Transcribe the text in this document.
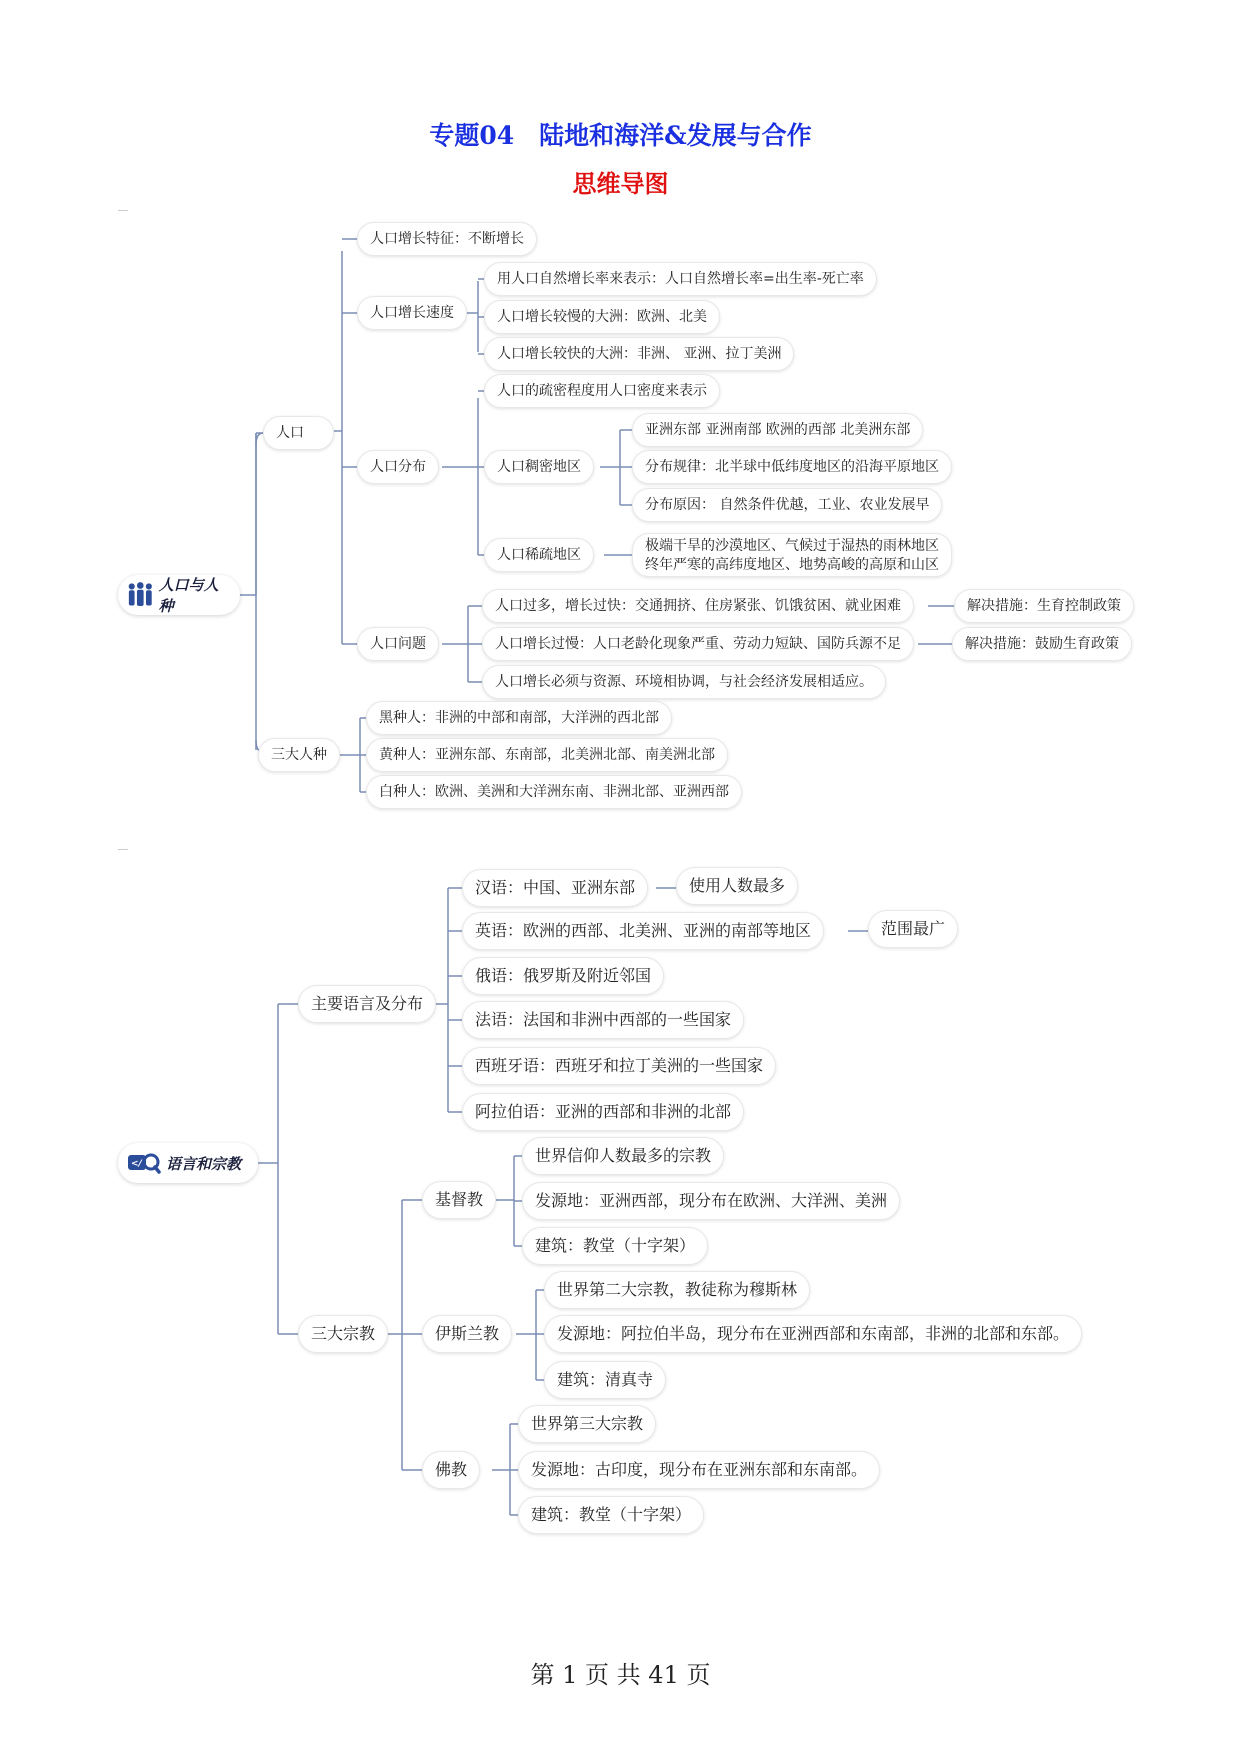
专题04　陆地和海洋&发展与合作
思维导图
人口与人种
人口
人口增长特征：不断增长
人口增长速度
用人口自然增长率来表示：人口自然增长率=出生率-死亡率
人口增长较慢的大洲：欧洲、北美
人口增长较快的大洲：非洲、 亚洲、拉丁美洲
人口分布
人口的疏密程度用人口密度来表示
人口稠密地区
亚洲东部 亚洲南部 欧洲的西部 北美洲东部
分布规律：北半球中低纬度地区的沿海平原地区
分布原因： 自然条件优越，工业、农业发展早
人口稀疏地区
极端干旱的沙漠地区、气候过于湿热的雨林地区
终年严寒的高纬度地区、地势高峻的高原和山区
人口问题
人口过多，增长过快：交通拥挤、住房紧张、饥饿贫困、就业困难	解决措施：生育控制政策
人口增长过慢：人口老龄化现象严重、劳动力短缺、国防兵源不足	解决措施：鼓励生育政策
人口增长必须与资源、环境相协调，与社会经济发展相适应。
三大人种
黑种人：非洲的中部和南部，大洋洲的西北部
黄种人：亚洲东部、东南部，北美洲北部、南美洲北部
白种人：欧洲、美洲和大洋洲东南、非洲北部、亚洲西部
</ 语言和宗教
主要语言及分布
汉语：中国、亚洲东部	使用人数最多
英语：欧洲的西部、北美洲、亚洲的南部等地区	范围最广
俄语：俄罗斯及附近邻国
法语：法国和非洲中西部的一些国家
西班牙语：西班牙和拉丁美洲的一些国家
阿拉伯语：亚洲的西部和非洲的北部
三大宗教
基督教
世界信仰人数最多的宗教
发源地：亚洲西部，现分布在欧洲、大洋洲、美洲
建筑：教堂（十字架）
伊斯兰教
世界第二大宗教，教徒称为穆斯林
发源地：阿拉伯半岛，现分布在亚洲西部和东南部，非洲的北部和东部。
建筑：清真寺
佛教
世界第三大宗教
发源地：古印度，现分布在亚洲东部和东南部。
建筑：教堂（十字架）
第 1 页 共 41 页
